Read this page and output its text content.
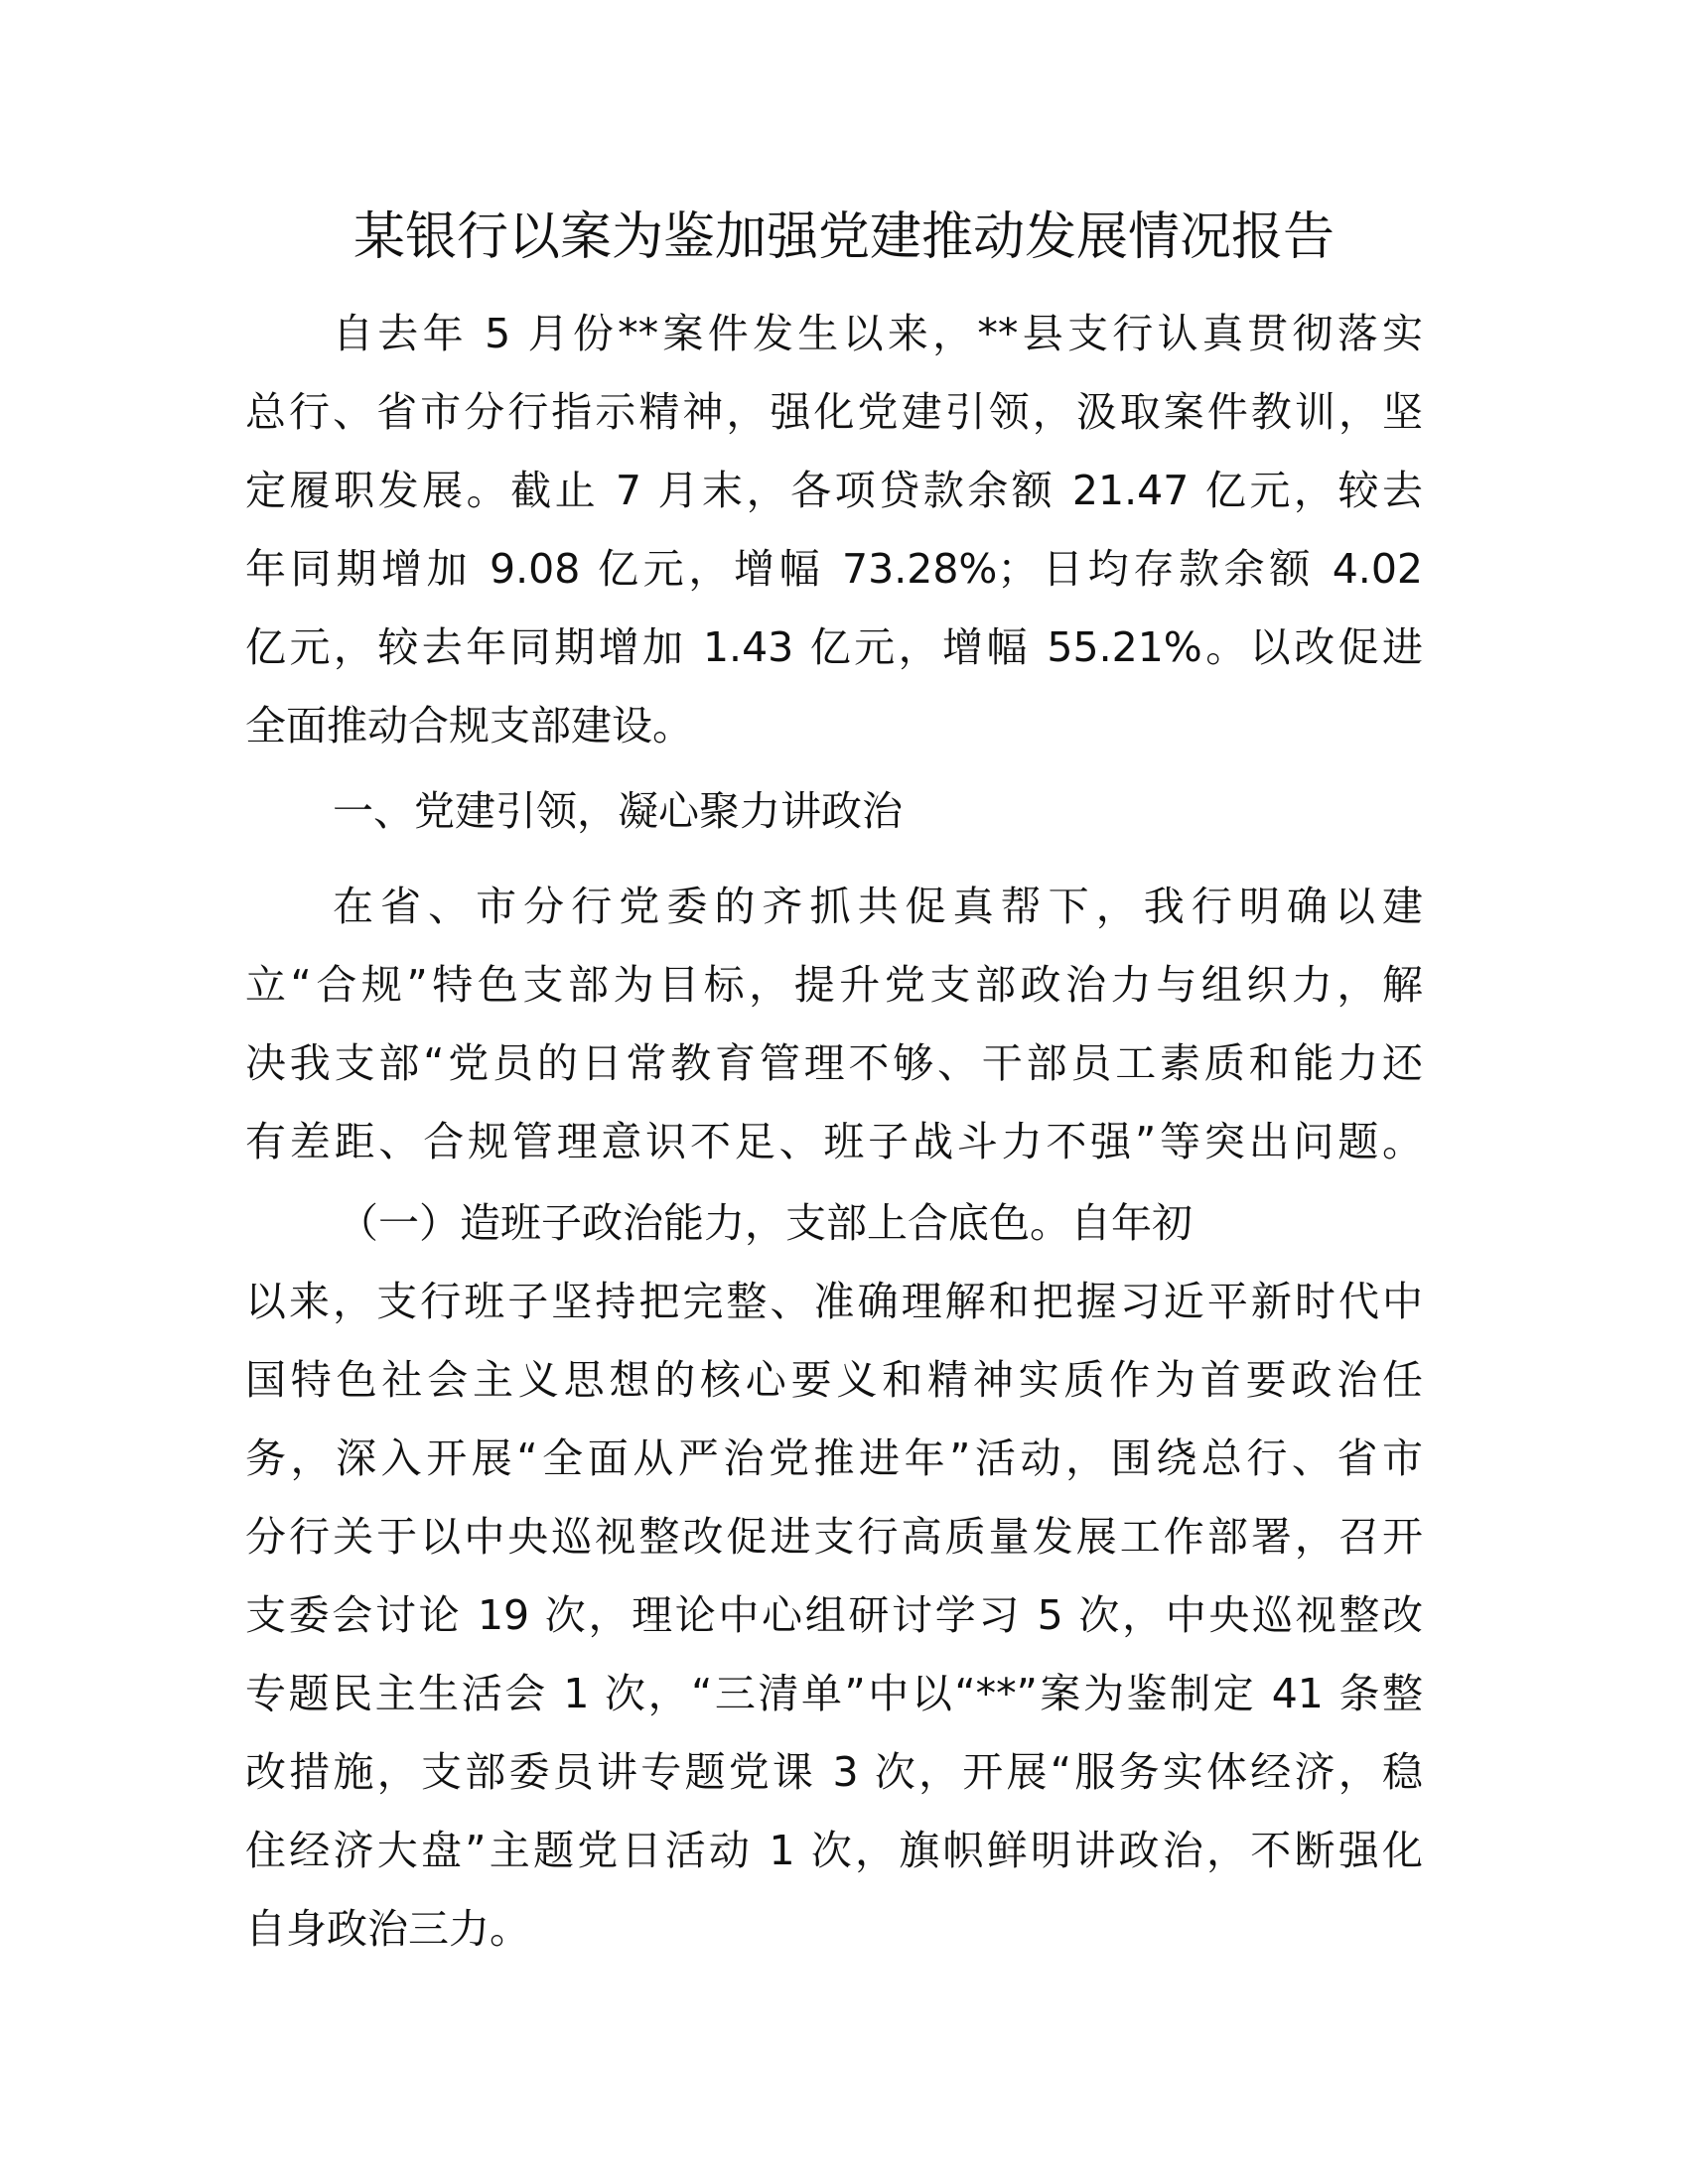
某银行以案为鉴加强党建推动发展情况报告
自去年 5 月份**案件发生以来，**县支行认真贯彻落实
总行、省市分行指示精神，强化党建引领，汲取案件教训，坚
定履职发展。截止 7 月末，各项贷款余额 21.47 亿元，较去
年同期增加 9.08 亿元，增幅 73.28%；日均存款余额 4.02
亿元，较去年同期增加 1.43 亿元，增幅 55.21%。以改促进
全面推动合规支部建设。
一、党建引领，凝心聚力讲政治
在省、市分行党委的齐抓共促真帮下，我行明确以建
立“合规”特色支部为目标，提升党支部政治力与组织力，解
决我支部“党员的日常教育管理不够、干部员工素质和能力还
有差距、合规管理意识不足、班子战斗力不强”等突出问题。
（一）造班子政治能力，支部上合底色。自年初
以来，支行班子坚持把完整、准确理解和把握习近平新时代中
国特色社会主义思想的核心要义和精神实质作为首要政治任
务，深入开展“全面从严治党推进年”活动，围绕总行、省市
分行关于以中央巡视整改促进支行高质量发展工作部署，召开
支委会讨论 19 次，理论中心组研讨学习 5 次，中央巡视整改
专题民主生活会 1 次，“三清单”中以“**”案为鉴制定 41 条整
改措施，支部委员讲专题党课 3 次，开展“服务实体经济，稳
住经济大盘”主题党日活动 1 次，旗帜鲜明讲政治，不断强化
自身政治三力。
